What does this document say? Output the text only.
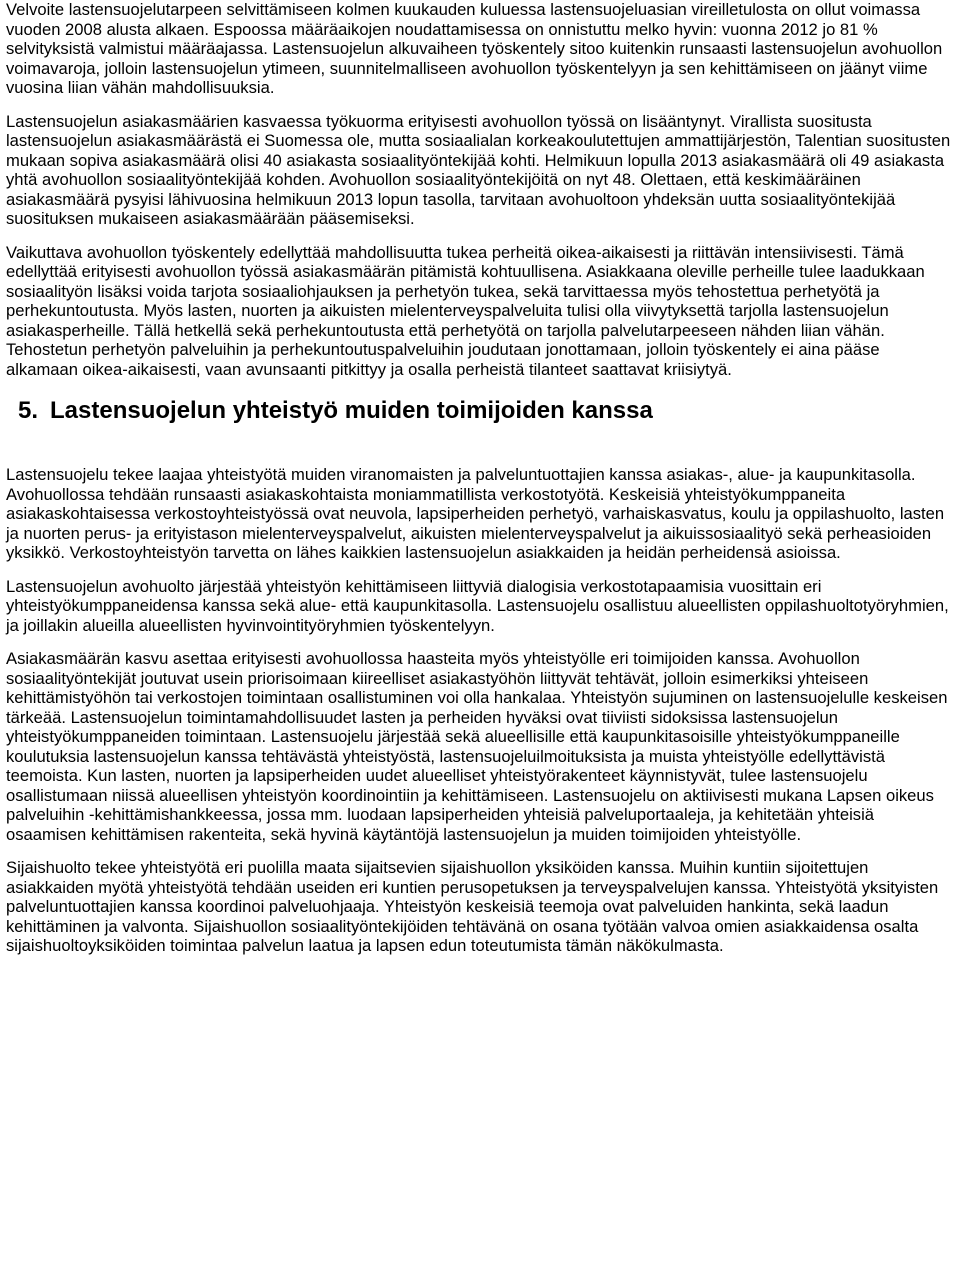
Velvoite lastensuojelutarpeen selvittämiseen kolmen kuukauden kuluessa lastensuojeluasian vireilletulosta on ollut voimassa vuoden 2008 alusta alkaen. Espoossa määräaikojen noudattamisessa on onnistuttu melko hyvin: vuonna 2012 jo 81 % selvityksistä valmistui määräajassa. Lastensuojelun alkuvaiheen työskentely sitoo kuitenkin runsaasti lastensuojelun avohuollon voimavaroja, jolloin lastensuojelun ytimeen, suunnitelmalliseen avohuollon työskentelyyn ja sen kehittämiseen on jäänyt viime vuosina liian vähän mahdollisuuksia.

Lastensuojelun asiakasmäärien kasvaessa työkuorma erityisesti avohuollon työssä on lisääntynyt. Virallista suositusta lastensuojelun asiakasmäärästä ei Suomessa ole, mutta sosiaalialan korkeakoulutettujen ammattijärjestön, Talentian suositusten mukaan sopiva asiakasmäärä olisi 40 asiakasta sosiaalityöntekijää kohti. Helmikuun lopulla 2013 asiakasmäärä oli 49 asiakasta yhtä avohuollon sosiaalityöntekijää kohden. Avohuollon sosiaalityöntekijöitä on nyt 48. Olettaen, että keskimääräinen asiakasmäärä pysyisi lähivuosina helmikuun 2013 lopun tasolla, tarvitaan avohuoltoon yhdeksän uutta sosiaalityöntekijää suosituksen mukaiseen asiakasmäärään pääsemiseksi.

Vaikuttava avohuollon työskentely edellyttää mahdollisuutta tukea perheitä oikea-aikaisesti ja riittävän intensiivisesti. Tämä edellyttää erityisesti avohuollon työssä asiakasmäärän pitämistä kohtuullisena. Asiakkaana oleville perheille tulee laadukkaan sosiaalityön lisäksi voida tarjota sosiaaliohjauksen ja perhetyön tukea, sekä tarvittaessa myös tehostettua perhetyötä ja perhekuntoutusta. Myös lasten, nuorten ja aikuisten mielenterveyspalveluita tulisi olla viivytyksettä tarjolla lastensuojelun asiakasperheille. Tällä hetkellä sekä perhekuntoutusta että perhetyötä on tarjolla palvelutarpeeseen nähden liian vähän. Tehostetun perhetyön palveluihin ja perhekuntoutuspalveluihin joudutaan jonottamaan, jolloin työskentely ei aina pääse alkamaan oikea-aikaisesti, vaan avunsaanti pitkittyy ja osalla perheistä tilanteet saattavat kriisiytyä.

5. Lastensuojelun yhteistyö muiden toimijoiden kanssa

Lastensuojelu tekee laajaa yhteistyötä muiden viranomaisten ja palveluntuottajien kanssa asiakas-, alue- ja kaupunkitasolla. Avohuollossa tehdään runsaasti asiakaskohtaista moniammatillista verkostotyötä. Keskeisiä yhteistyökumppaneita asiakaskohtaisessa verkostoyhteistyössä ovat neuvola, lapsiperheiden perhetyö, varhaiskasvatus, koulu ja oppilashuolto, lasten ja nuorten perus- ja erityistason mielenterveyspalvelut, aikuisten mielenterveyspalvelut ja aikuissosiaalityö sekä perheasioiden yksikkö. Verkostoyhteistyön tarvetta on lähes kaikkien lastensuojelun asiakkaiden ja heidän perheidensä asioissa.

Lastensuojelun avohuolto järjestää yhteistyön kehittämiseen liittyviä dialogisia verkostotapaamisia vuosittain eri yhteistyökumppaneidensa kanssa sekä alue- että kaupunkitasolla. Lastensuojelu osallistuu alueellisten oppilashuoltotyöryhmien, ja joillakin alueilla alueellisten hyvinvointityöryhmien työskentelyyn.

Asiakasmäärän kasvu asettaa erityisesti avohuollossa haasteita myös yhteistyölle eri toimijoiden kanssa. Avohuollon sosiaalityöntekijät joutuvat usein priorisoimaan kiireelliset asiakastyöhön liittyvät tehtävät, jolloin esimerkiksi yhteiseen kehittämistyöhön tai verkostojen toimintaan osallistuminen voi olla hankalaa. Yhteistyön sujuminen on lastensuojelulle keskeisen tärkeää. Lastensuojelun toimintamahdollisuudet lasten ja perheiden hyväksi ovat tiiviisti sidoksissa lastensuojelun yhteistyökumppaneiden toimintaan. Lastensuojelu järjestää sekä alueellisille että kaupunkitasoisille yhteistyökumppaneille koulutuksia lastensuojelun kanssa tehtävästä yhteistyöstä, lastensuojeluilmoituksista ja muista yhteistyölle edellyttävistä teemoista. Kun lasten, nuorten ja lapsiperheiden uudet alueelliset yhteistyörakenteet käynnistyvät, tulee lastensuojelu osallistumaan niissä alueellisen yhteistyön koordinointiin ja kehittämiseen. Lastensuojelu on aktiivisesti mukana Lapsen oikeus palveluihin -kehittämishankkeessa, jossa mm. luodaan lapsiperheiden yhteisiä palveluportaaleja, ja kehitetään yhteisiä osaamisen kehittämisen rakenteita, sekä hyvinä käytäntöjä lastensuojelun ja muiden toimijoiden yhteistyölle.

Sijaishuolto tekee yhteistyötä eri puolilla maata sijaitsevien sijaishuollon yksiköiden kanssa. Muihin kuntiin sijoitettujen asiakkaiden myötä yhteistyötä tehdään useiden eri kuntien perusopetuksen ja terveyspalvelujen kanssa. Yhteistyötä yksityisten palveluntuottajien kanssa koordinoi palveluohjaaja. Yhteistyön keskeisiä teemoja ovat palveluiden hankinta, sekä laadun kehittäminen ja valvonta. Sijaishuollon sosiaalityöntekijöiden tehtävänä on osana työtään valvoa omien asiakkaidensa osalta sijaishuoltoyksiköiden toimintaa palvelun laatua ja lapsen edun toteutumista tämän näkökulmasta.
